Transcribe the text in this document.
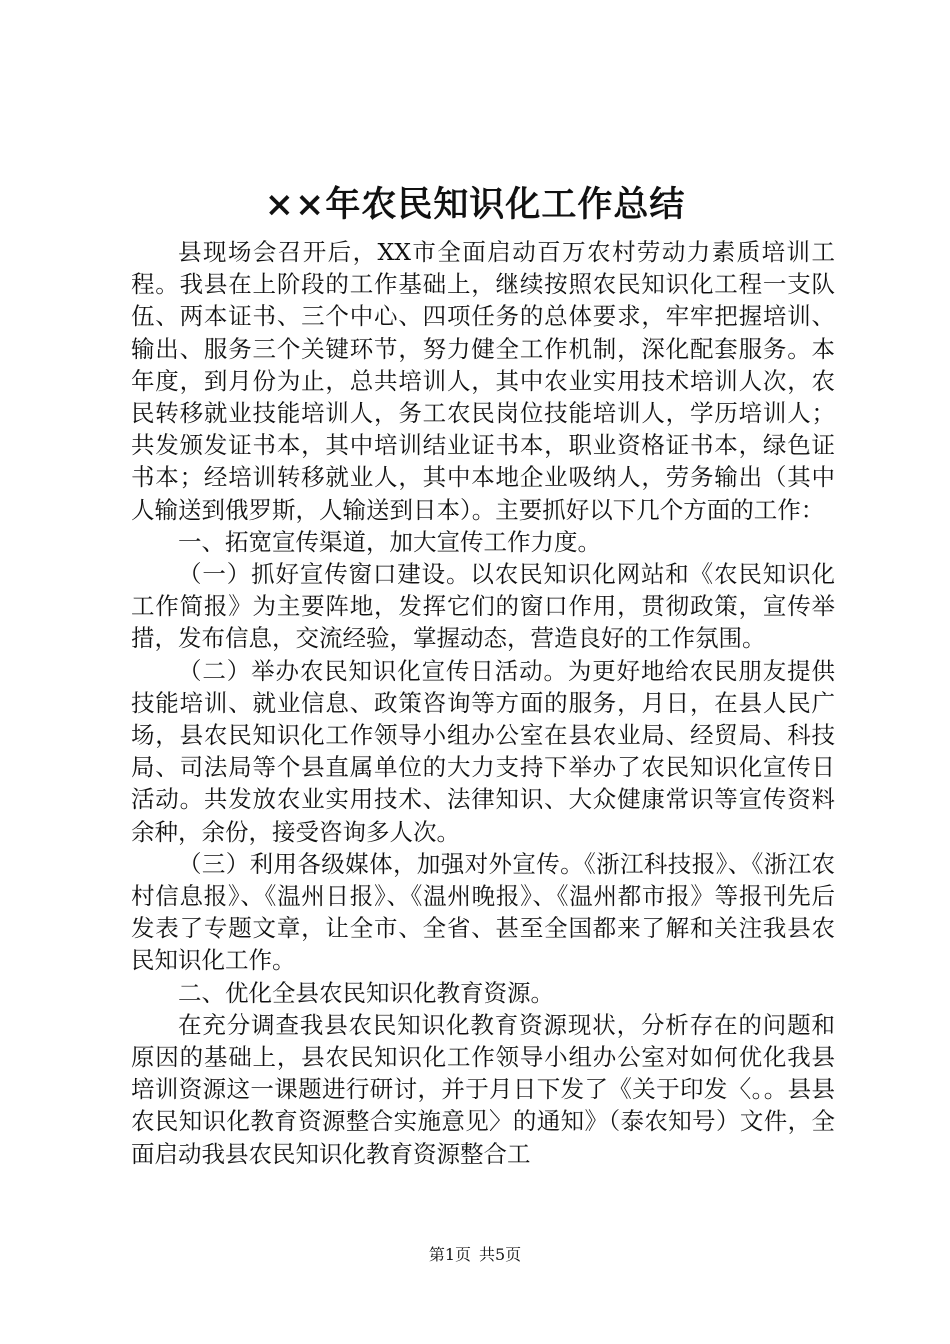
××年农民知识化工作总结

县现场会召开后，XX市全面启动百万农村劳动力素质培训工程。我县在上阶段的工作基础上，继续按照农民知识化工程一支队伍、两本证书、三个中心、四项任务的总体要求，牢牢把握培训、输出、服务三个关键环节，努力健全工作机制，深化配套服务。本年度，到月份为止，总共培训人，其中农业实用技术培训人次，农民转移就业技能培训人，务工农民岗位技能培训人，学历培训人；共发颁发证书本，其中培训结业证书本，职业资格证书本，绿色证书本；经培训转移就业人，其中本地企业吸纳人，劳务输出（其中人输送到俄罗斯，人输送到日本）。主要抓好以下几个方面的工作：

一、拓宽宣传渠道，加大宣传工作力度。

（一）抓好宣传窗口建设。以农民知识化网站和《农民知识化工作简报》为主要阵地，发挥它们的窗口作用，贯彻政策，宣传举措，发布信息，交流经验，掌握动态，营造良好的工作氛围。

（二）举办农民知识化宣传日活动。为更好地给农民朋友提供技能培训、就业信息、政策咨询等方面的服务，月日，在县人民广场，县农民知识化工作领导小组办公室在县农业局、经贸局、科技局、司法局等个县直属单位的大力支持下举办了农民知识化宣传日活动。共发放农业实用技术、法律知识、大众健康常识等宣传资料余种，余份，接受咨询多人次。

（三）利用各级媒体，加强对外宣传。《浙江科技报》、《浙江农村信息报》、《温州日报》、《温州晚报》、《温州都市报》等报刊先后发表了专题文章，让全市、全省、甚至全国都来了解和关注我县农民知识化工作。

二、优化全县农民知识化教育资源。

在充分调查我县农民知识化教育资源现状，分析存在的问题和原因的基础上，县农民知识化工作领导小组办公室对如何优化我县培训资源这一课题进行研讨，并于月日下发了《关于印发〈。。县县农民知识化教育资源整合实施意见〉的通知》（泰农知号）文件，全面启动我县农民知识化教育资源整合工

第1页 共5页
